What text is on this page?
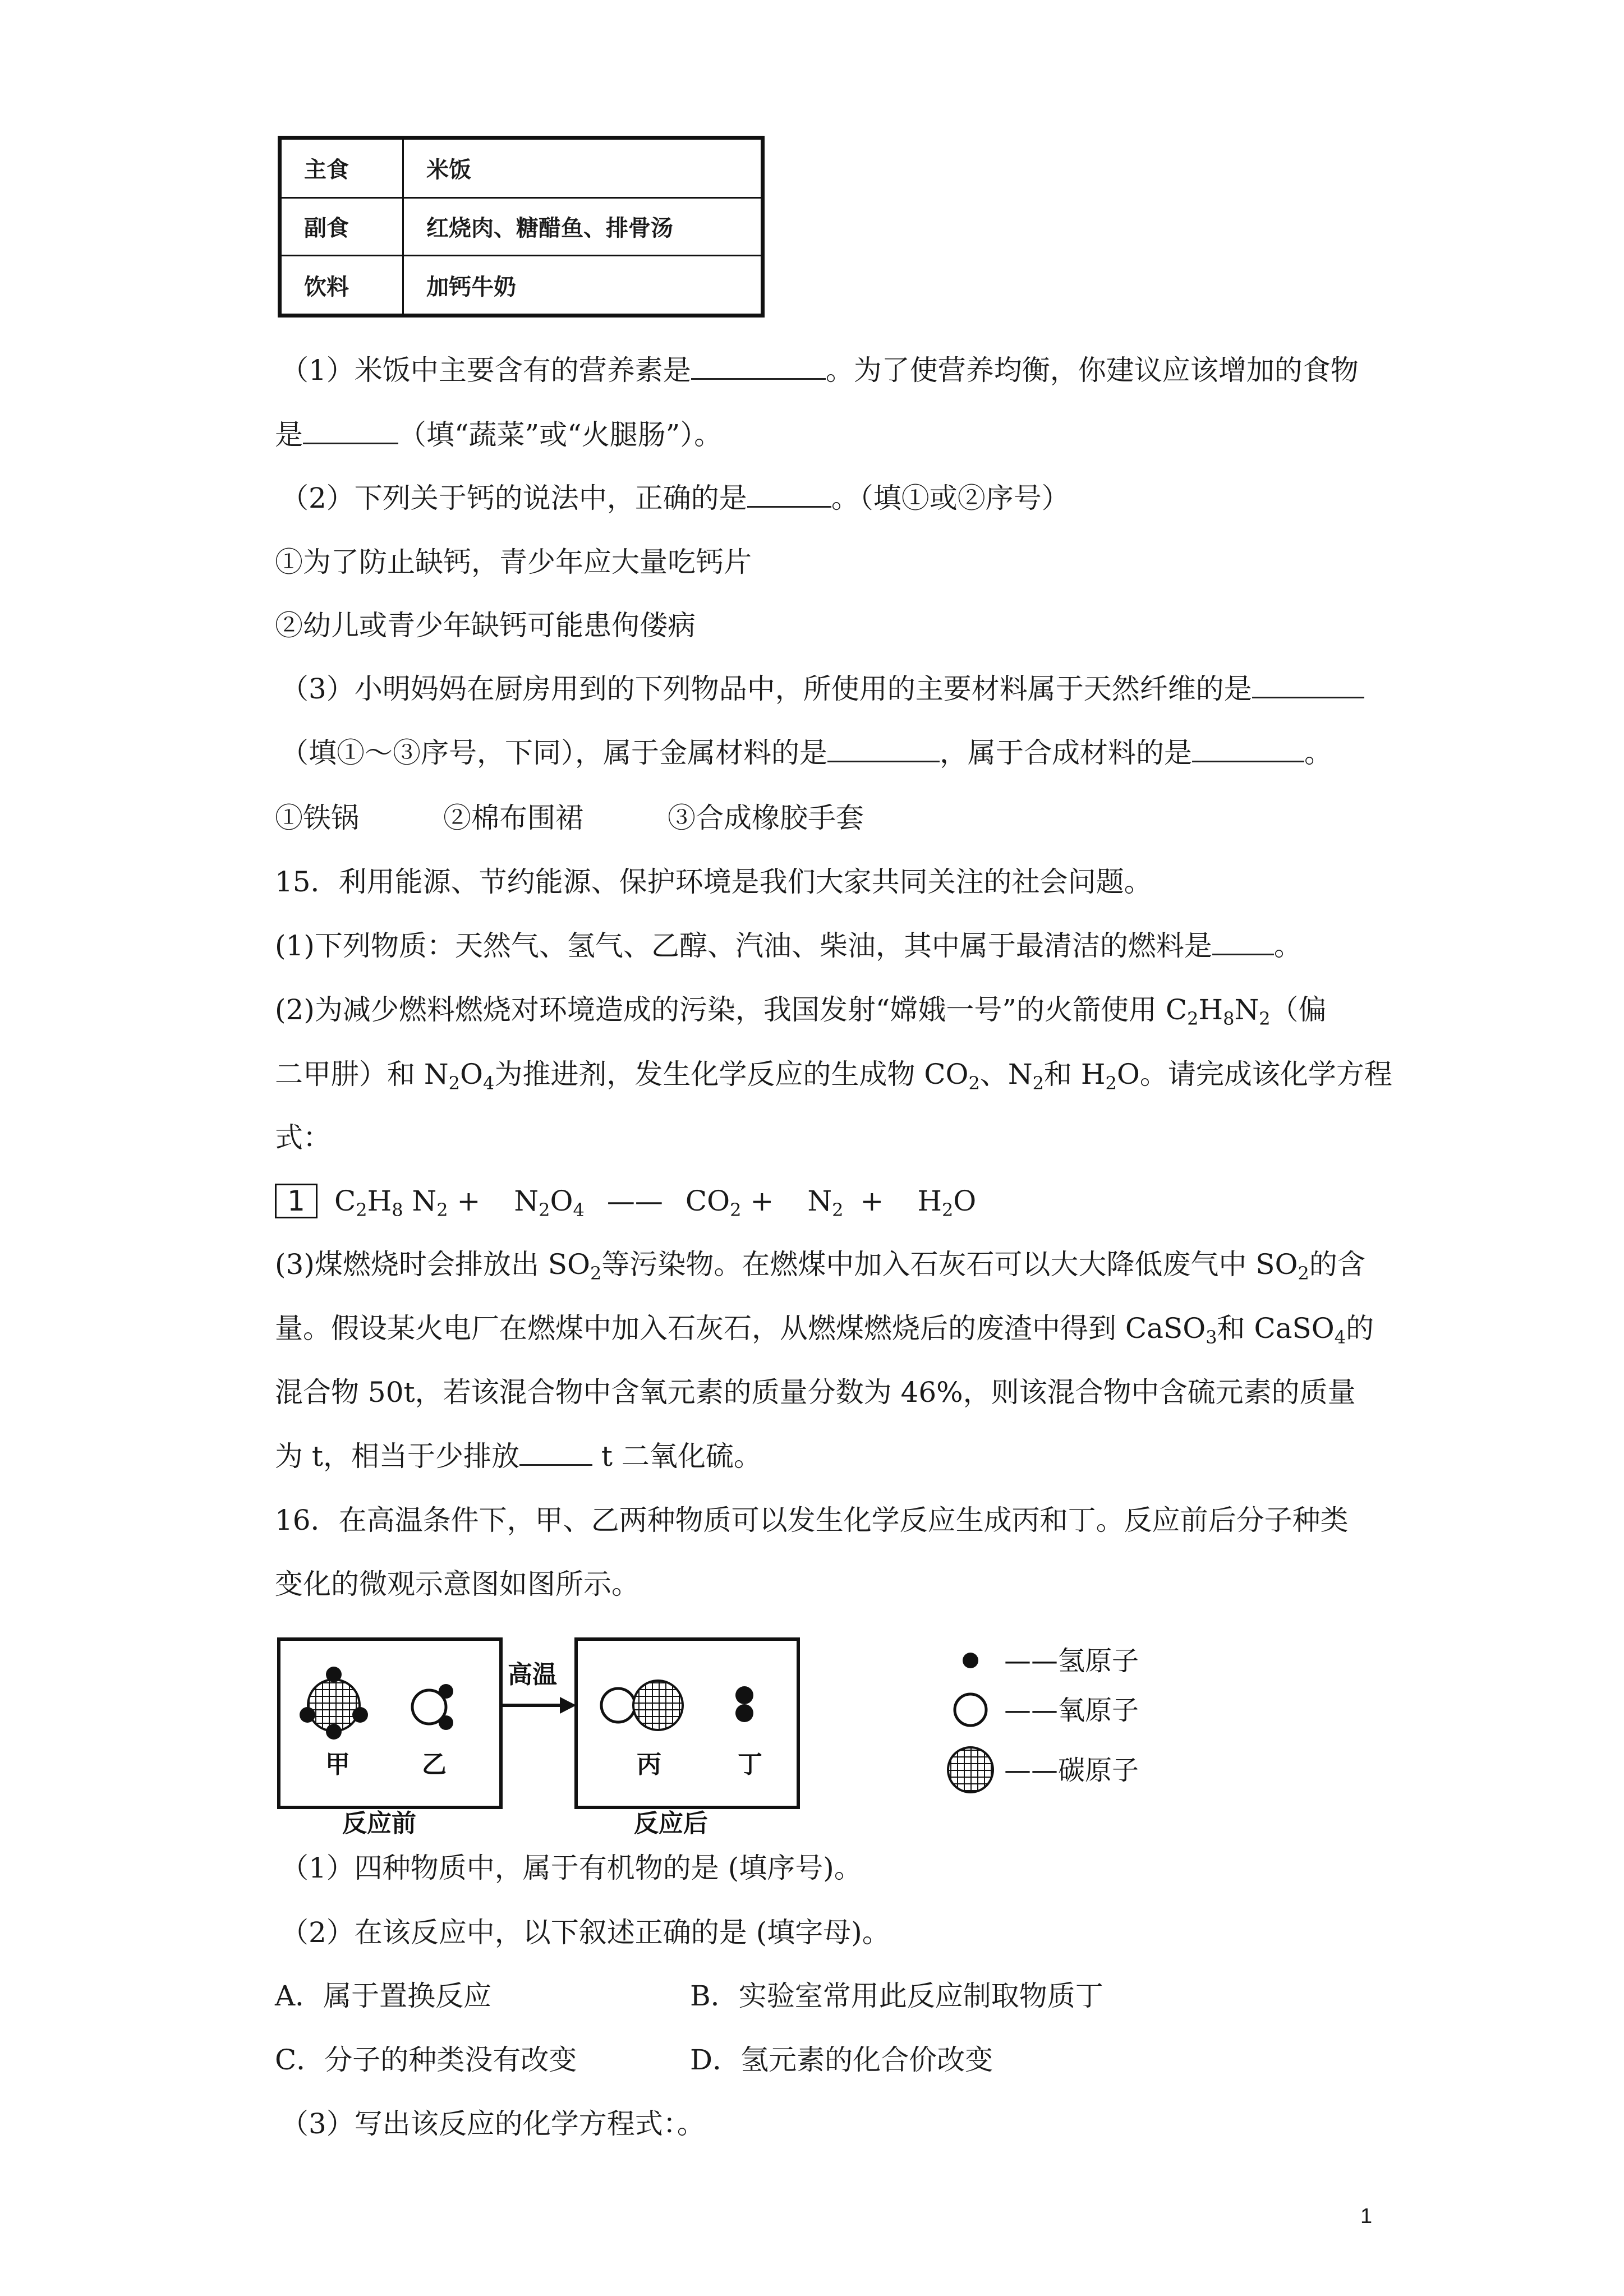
主食	米饭
副食	红烧肉、糖醋鱼、排骨汤
饮料	加钙牛奶
（1）米饭中主要含有的营养素是	。为了使营养均衡，你建议应该增加的食物
是	（填“蔬菜”或“火腿肠”）。
（2）下列关于钙的说法中，正确的是	。（填①或②序号）
①为了防止缺钙，青少年应大量吃钙片
②幼儿或青少年缺钙可能患佝偻病
（3）小明妈妈在厨房用到的下列物品中，所使用的主要材料属于天然纤维的是
（填①～③序号，下同），属于金属材料的是	，属于合成材料的是	。
①铁锅	②棉布围裙	③合成橡胶手套
15．利用能源、节约能源、保护环境是我们大家共同关注的社会问题。
(1)下列物质：天然气、氢气、乙醇、汽油、柴油，其中属于最清洁的燃料是 。
(2)为减少燃料燃烧对环境造成的污染，我国发射“嫦娥一号”的火箭使用 $C_2H_8N_2$（偏
二甲肼）和 $N_2O_4$为推进剂，发生化学反应的生成物 $CO_2$、$N_2$和 $H_2O$。请完成该化学方程
式：
1 $C_2H_8$ $N_2 + N_2O_4$ —— $CO_2 + N_2 + H_2O$
(3)煤燃烧时会排放出 $SO_2$等污染物。在燃煤中加入石灰石可以大大降低废气中 $SO_2$的含
量。假设某火电厂在燃煤中加入石灰石，从燃煤燃烧后的废渣中得到 CaSO$_3$和 CaSO$_4$的
混合物 50t，若该混合物中含氧元素的质量分数为 46%，则该混合物中含硫元素的质量
为 t，相当于少排放	t 二氧化硫。
16．在高温条件下，甲、乙两种物质可以发生化学反应生成丙和丁。反应前后分子种类
变化的微观示意图如图所示。
甲	乙
反应前
高温
丙	丁
反应后
——氢原子
——氧原子
——碳原子
（1）四种物质中，属于有机物的是 (填序号)。
（2）在该反应中，以下叙述正确的是 (填字母)。
A．属于置换反应	B．实验室常用此反应制取物质丁
C．分子的种类没有改变	D．氢元素的化合价改变
（3）写出该反应的化学方程式：。
1
